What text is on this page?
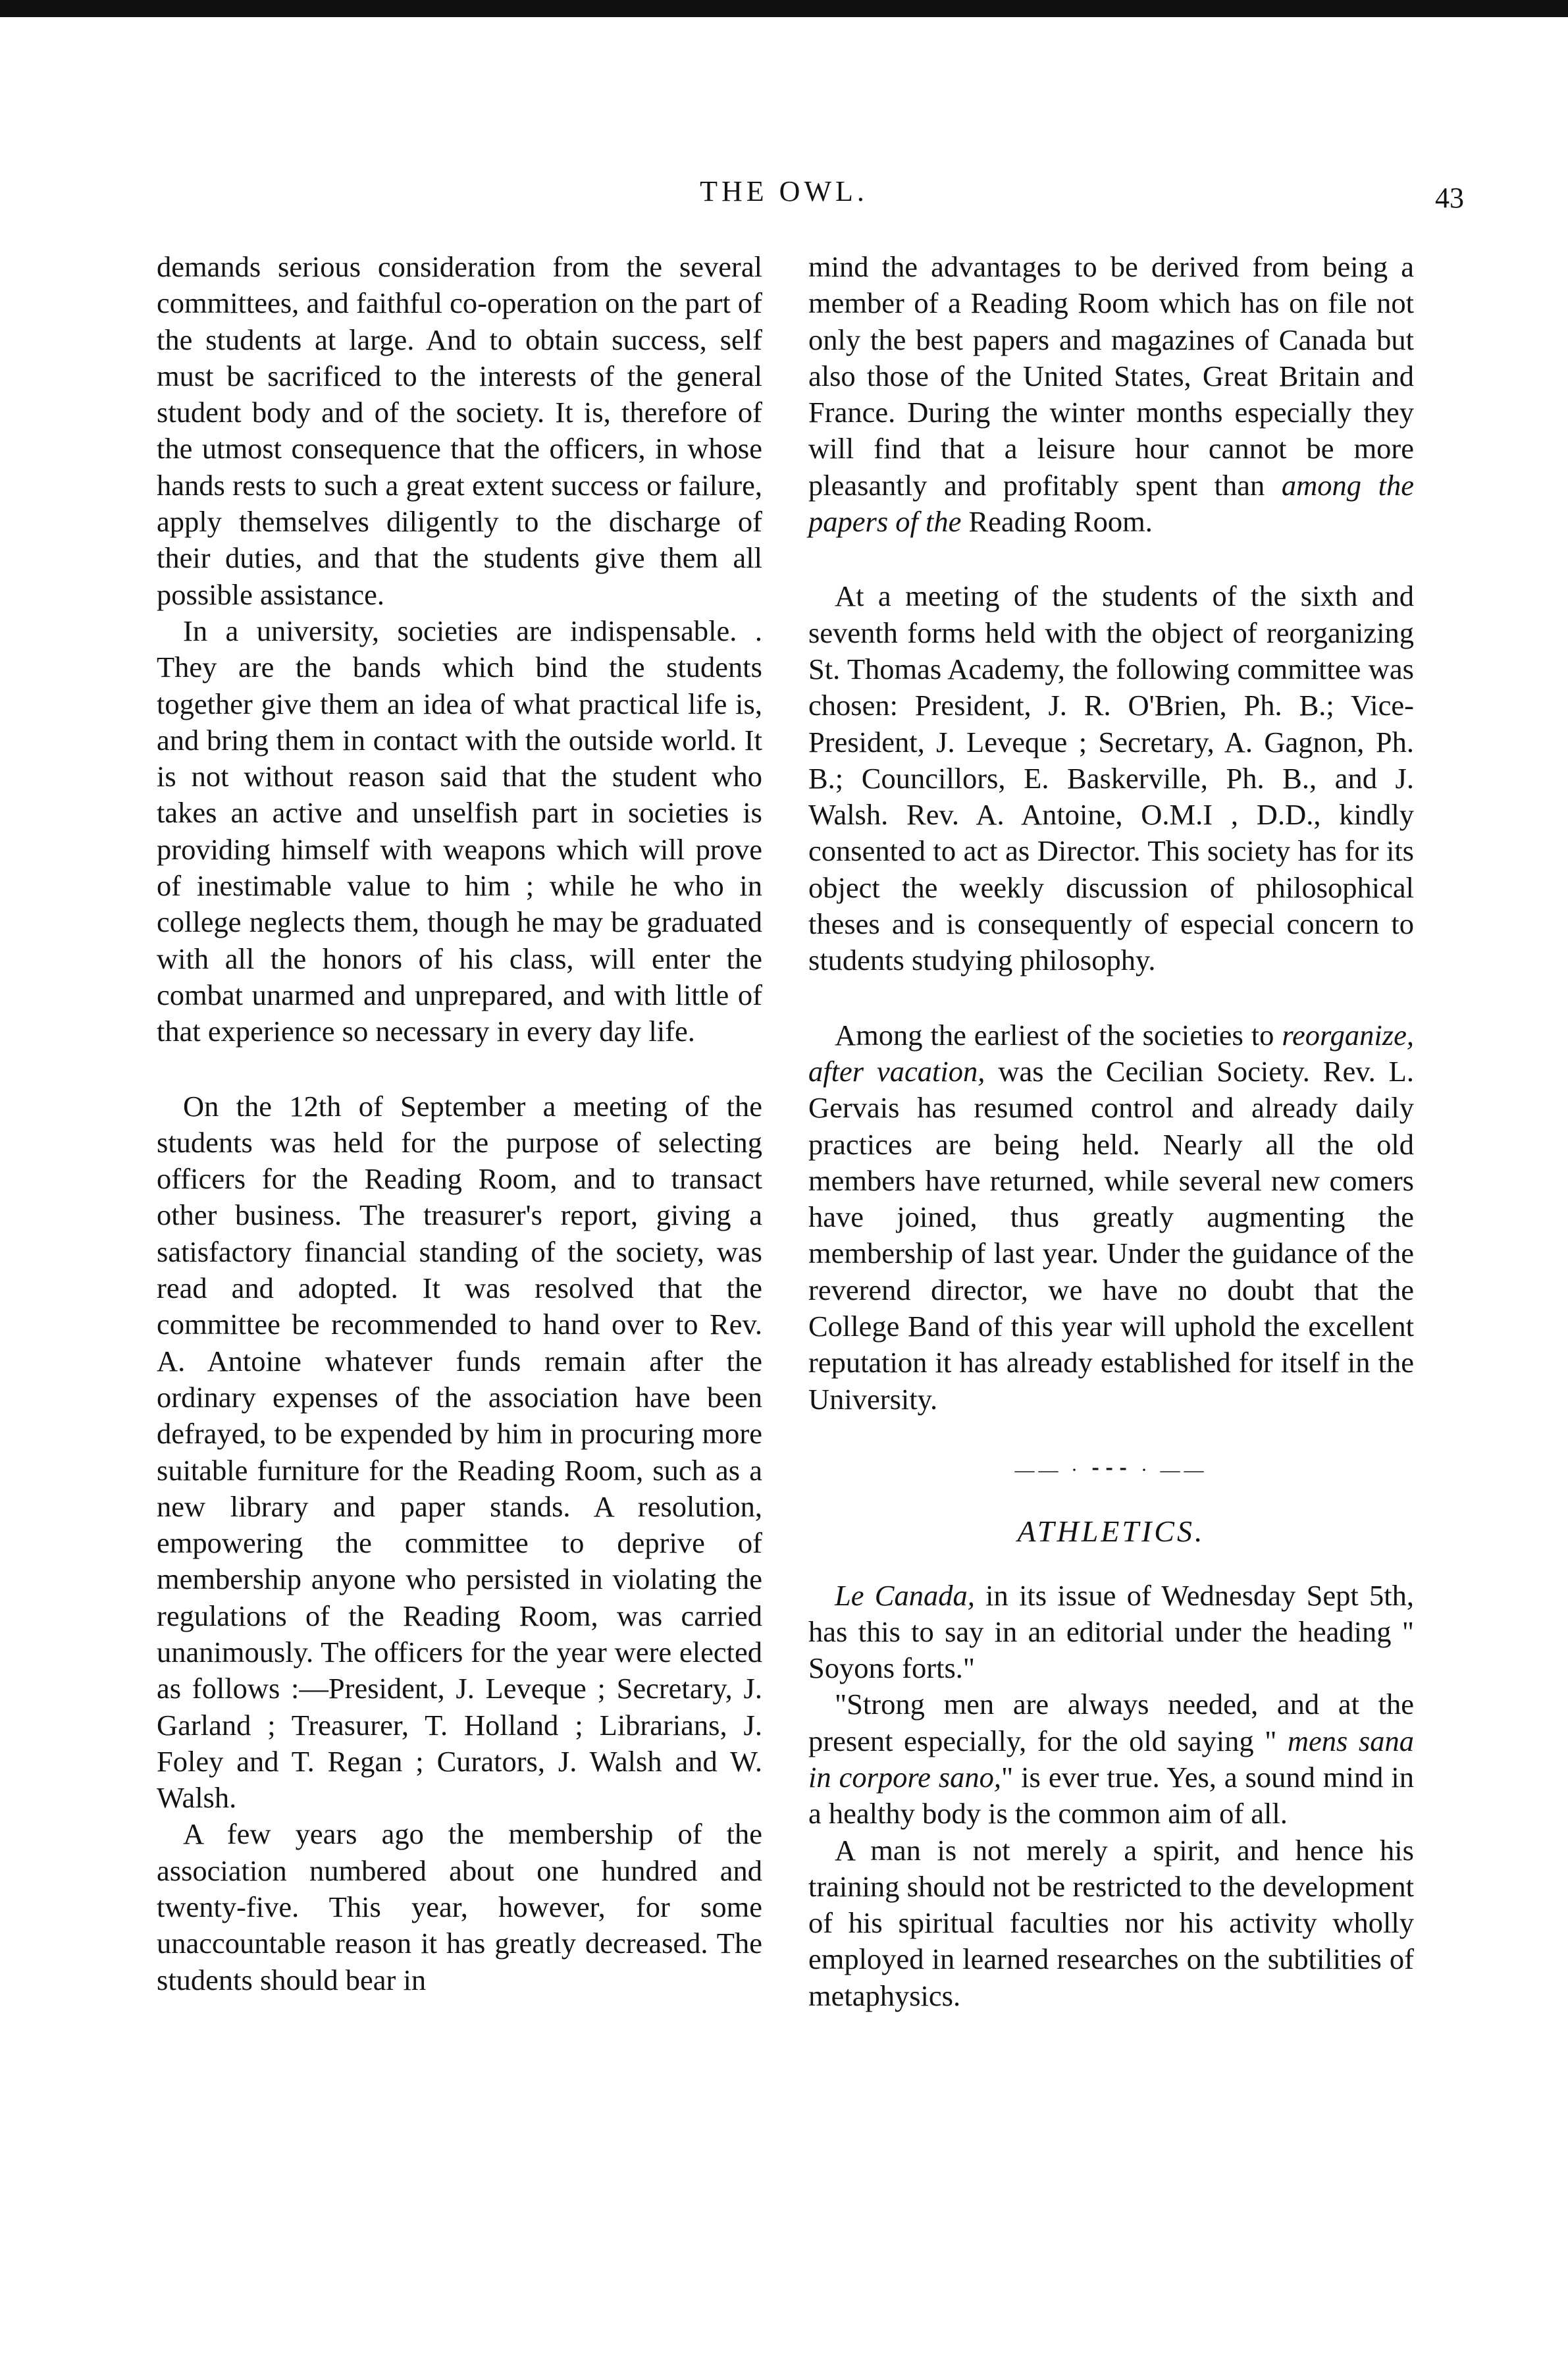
THE OWL.	43

demands serious consideration from the several committees, and faithful co-operation on the part of the students at large. And to obtain success, self must be sacrificed to the interests of the general student body and of the society. It is, therefore of the utmost consequence that the officers, in whose hands rests to such a great extent success or failure, apply themselves diligently to the discharge of their duties, and that the students give them all possible assistance.

In a university, societies are indispensable. . They are the bands which bind the students together give them an idea of what practical life is, and bring them in contact with the outside world. It is not without reason said that the student who takes an active and unselfish part in societies is providing himself with weapons which will prove of inestimable value to him ; while he who in college neglects them, though he may be graduated with all the honors of his class, will enter the combat unarmed and unprepared, and with little of that experience so necessary in every day life.

On the 12th of September a meeting of the students was held for the purpose of selecting officers for the Reading Room, and to transact other business. The treasurer's report, giving a satisfactory financial standing of the society, was read and adopted. It was resolved that the committee be recommended to hand over to Rev. A. Antoine whatever funds remain after the ordinary expenses of the association have been defrayed, to be expended by him in procuring more suitable furniture for the Reading Room, such as a new library and paper stands. A resolution, empowering the committee to deprive of membership anyone who persisted in violating the regulations of the Reading Room, was carried unanimously. The officers for the year were elected as follows :—President, J. Leveque ; Secretary, J. Garland ; Treasurer, T. Holland ; Librarians, J. Foley and T. Regan ; Curators, J. Walsh and W. Walsh.

A few years ago the membership of the association numbered about one hundred and twenty-five. This year, however, for some unaccountable reason it has greatly decreased. The students should bear in

mind the advantages to be derived from being a member of a Reading Room which has on file not only the best papers and magazines of Canada but also those of the United States, Great Britain and France. During the winter months especially they will find that a leisure hour cannot be more pleasantly and profitably spent than among the papers of the Reading Room.

At a meeting of the students of the sixth and seventh forms held with the object of reorganizing St. Thomas Academy, the following committee was chosen: President, J. R. O'Brien, Ph. B.; Vice-President, J. Leveque ; Secretary, A. Gagnon, Ph. B.; Councillors, E. Baskerville, Ph. B., and J. Walsh. Rev. A. Antoine, O.M.I , D.D., kindly consented to act as Director. This society has for its object the weekly discussion of philosophical theses and is consequently of especial concern to students studying philosophy.

Among the earliest of the societies to reorganize, after vacation, was the Cecilian Society. Rev. L. Gervais has resumed control and already daily practices are being held. Nearly all the old members have returned, while several new comers have joined, thus greatly augmenting the membership of last year. Under the guidance of the reverend director, we have no doubt that the College Band of this year will uphold the excellent reputation it has already established for itself in the University.

—— · ⁃⁃⁃ · ——
ATHLETICS.

Le Canada, in its issue of Wednesday Sept 5th, has this to say in an editorial under the heading " Soyons forts."

"Strong men are always needed, and at the present especially, for the old saying " mens sana in corpore sano," is ever true. Yes, a sound mind in a healthy body is the common aim of all.

A man is not merely a spirit, and hence his training should not be restricted to the development of his spiritual faculties nor his activity wholly employed in learned researches on the subtilities of metaphysics.
